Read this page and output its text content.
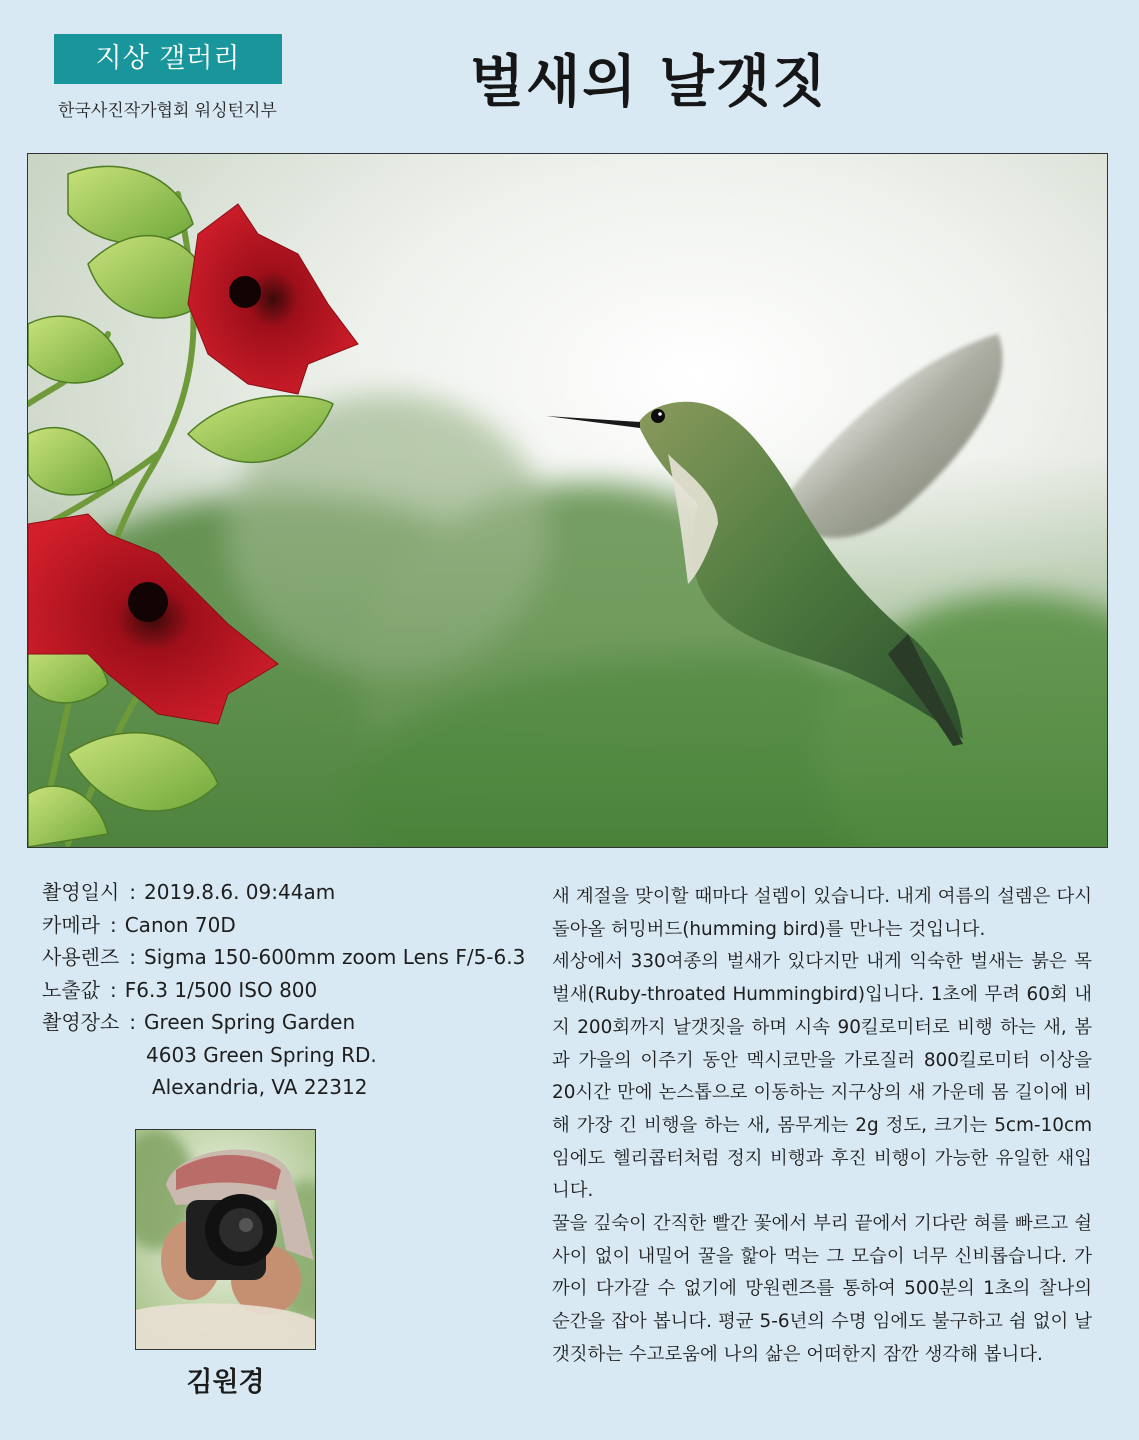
지상 갤러리
한국사진작가협회 워싱턴지부	벌새의 날갯짓
촬영일시 : 2019.8.6. 09:44am
카메라 : Canon 70D
사용렌즈 : Sigma 150-600mm zoom Lens F/5-6.3
노출값 : F6.3 1/500 ISO 800
촬영장소 : Green Spring Garden
4603 Green Spring RD.
Alexandria, VA 22312
김원경

새 계절을 맞이할 때마다 설렘이 있습니다. 내게 여름의 설렘은 다시 돌아올 허밍버드(humming bird)를 만나는 것입니다.

세상에서 330여종의 벌새가 있다지만 내게 익숙한 벌새는 붉은 목 벌새(Ruby-throated Hummingbird)입니다. 1초에 무려 60회 내지 200회까지 날갯짓을 하며 시속 90킬로미터로 비행 하는 새, 봄과 가을의 이주기 동안 멕시코만을 가로질러 800킬로미터 이상을 20시간 만에 논스톱으로 이동하는 지구상의 새 가운데 몸 길이에 비해 가장 긴 비행을 하는 새, 몸무게는 2g 정도, 크기는 5cm-10cm 임에도 헬리콥터처럼 정지 비행과 후진 비행이 가능한 유일한 새입니다.

꿀을 깊숙이 간직한 빨간 꽃에서 부리 끝에서 기다란 혀를 빠르고 쉴 사이 없이 내밀어 꿀을 핥아 먹는 그 모습이 너무 신비롭습니다. 가까이 다가갈 수 없기에 망원렌즈를 통하여 500분의 1초의 찰나의 순간을 잡아 봅니다. 평균 5-6년의 수명 임에도 불구하고 쉼 없이 날갯짓하는 수고로움에 나의 삶은 어떠한지 잠깐 생각해 봅니다.
